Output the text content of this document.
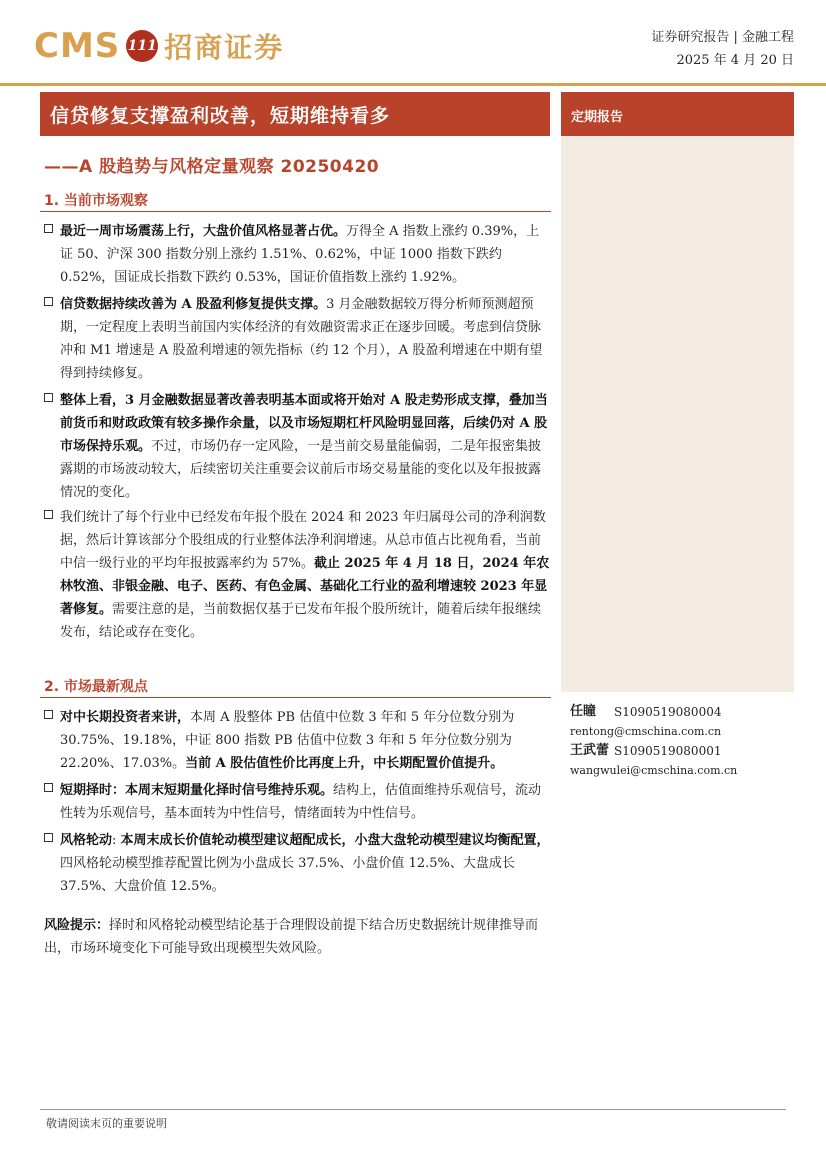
CMS 111 招商证券	证券研究报告 | 金融工程
2025 年 4 月 20 日
信贷修复支撑盈利改善，短期维持看多	定期报告
——A 股趋势与风格定量观察 20250420
1. 当前市场观察
最近一周市场震荡上行，大盘价值风格显著占优。万得全 A 指数上涨约 0.39%，上证 50、沪深 300 指数分别上涨约 1.51%、0.62%，中证 1000 指数下跌约 0.52%，国证成长指数下跌约 0.53%，国证价值指数上涨约 1.92%。
信贷数据持续改善为 A 股盈利修复提供支撑。3 月金融数据较万得分析师预测超预期，一定程度上表明当前国内实体经济的有效融资需求正在逐步回暖。考虑到信贷脉冲和 M1 增速是 A 股盈利增速的领先指标（约 12 个月），A 股盈利增速在中期有望得到持续修复。
整体上看，3 月金融数据显著改善表明基本面或将开始对 A 股走势形成支撑，叠加当前货币和财政政策有较多操作余量，以及市场短期杠杆风险明显回落，后续仍对 A 股市场保持乐观。不过，市场仍存一定风险，一是当前交易量能偏弱，二是年报密集披露期的市场波动较大，后续密切关注重要会议前后市场交易量能的变化以及年报披露情况的变化。
我们统计了每个行业中已经发布年报个股在 2024 和 2023 年归属母公司的净利润数据，然后计算该部分个股组成的行业整体法净利润增速。从总市值占比视角看，当前中信一级行业的平均年报披露率约为 57%。截止 2025 年 4 月 18 日，2024 年农林牧渔、非银金融、电子、医药、有色金属、基础化工行业的盈利增速较 2023 年显著修复。需要注意的是，当前数据仅基于已发布年报个股所统计，随着后续年报继续发布，结论或存在变化。
2. 市场最新观点
对中长期投资者来讲，本周 A 股整体 PB 估值中位数 3 年和 5 年分位数分别为 30.75%、19.18%，中证 800 指数 PB 估值中位数 3 年和 5 年分位数分别为 22.20%、17.03%。当前 A 股估值性价比再度上升，中长期配置价值提升。
短期择时：本周末短期量化择时信号维持乐观。结构上，估值面维持乐观信号，流动性转为乐观信号，基本面转为中性信号，情绪面转为中性信号。
风格轮动: 本周末成长价值轮动模型建议超配成长，小盘大盘轮动模型建议均衡配置，四风格轮动模型推荐配置比例为小盘成长 37.5%、小盘价值 12.5%、大盘成长 37.5%、大盘价值 12.5%。
风险提示：择时和风格轮动模型结论基于合理假设前提下结合历史数据统计规律推导而出，市场环境变化下可能导致出现模型失效风险。
任瞳 S1090519080004
rentong@cmschina.com.cn
王武蕾 S1090519080001
wangwulei@cmschina.com.cn
敬请阅读末页的重要说明
